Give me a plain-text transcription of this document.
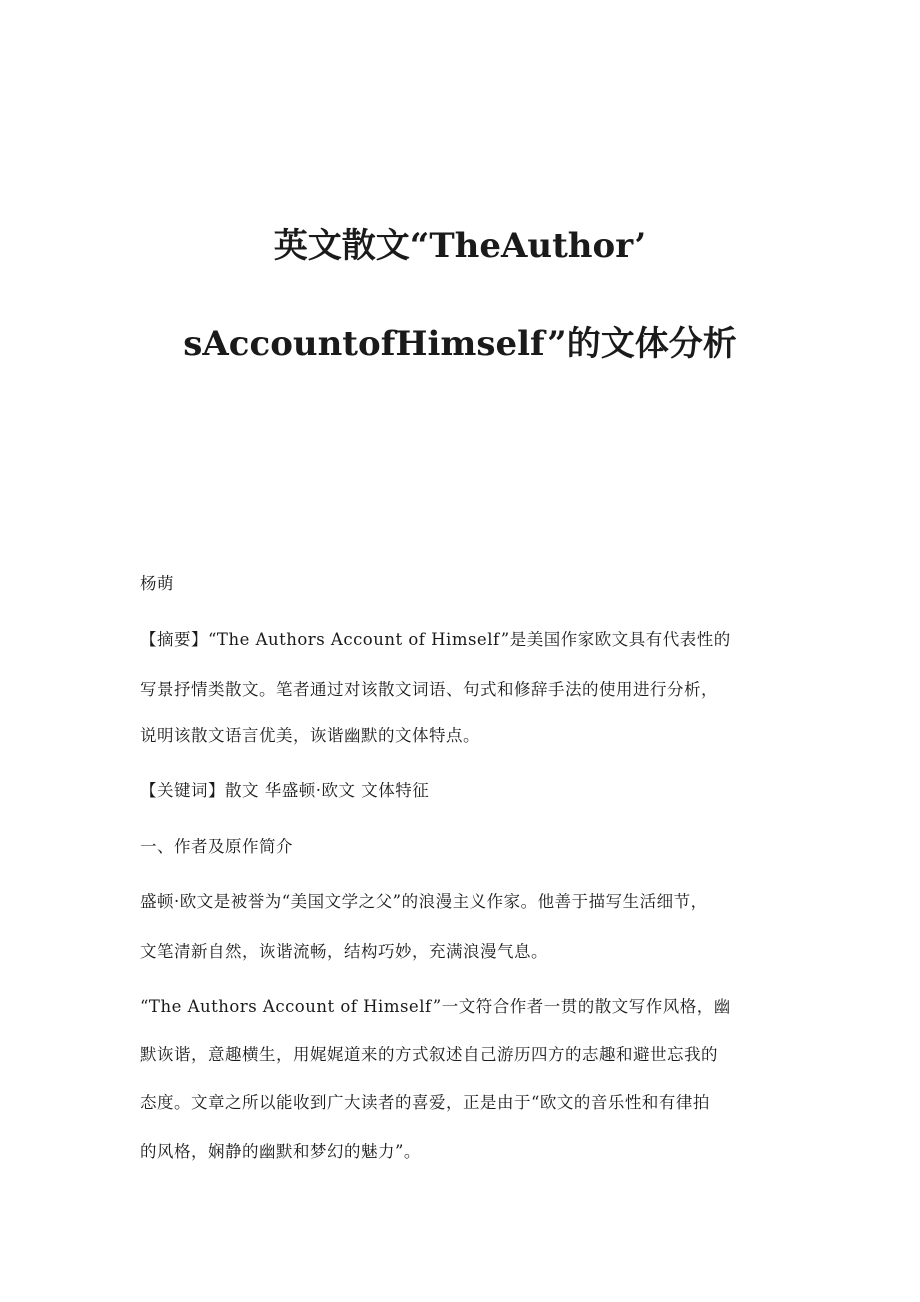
英文散文“TheAuthor’
sAccountofHimself”的文体分析
杨萌
【摘要】“The Authors Account of Himself”是美国作家欧文具有代表性的
写景抒情类散文。笔者通过对该散文词语、句式和修辞手法的使用进行分析，
说明该散文语言优美，诙谐幽默的文体特点。
【关键词】散文 华盛顿·欧文 文体特征
一、作者及原作简介
盛顿·欧文是被誉为“美国文学之父”的浪漫主义作家。他善于描写生活细节，
文笔清新自然，诙谐流畅，结构巧妙，充满浪漫气息。
“The Authors Account of Himself”一文符合作者一贯的散文写作风格，幽
默诙谐，意趣横生，用娓娓道来的方式叙述自己游历四方的志趣和避世忘我的
态度。文章之所以能收到广大读者的喜爱，正是由于“欧文的音乐性和有律拍
的风格，娴静的幽默和梦幻的魅力”。
